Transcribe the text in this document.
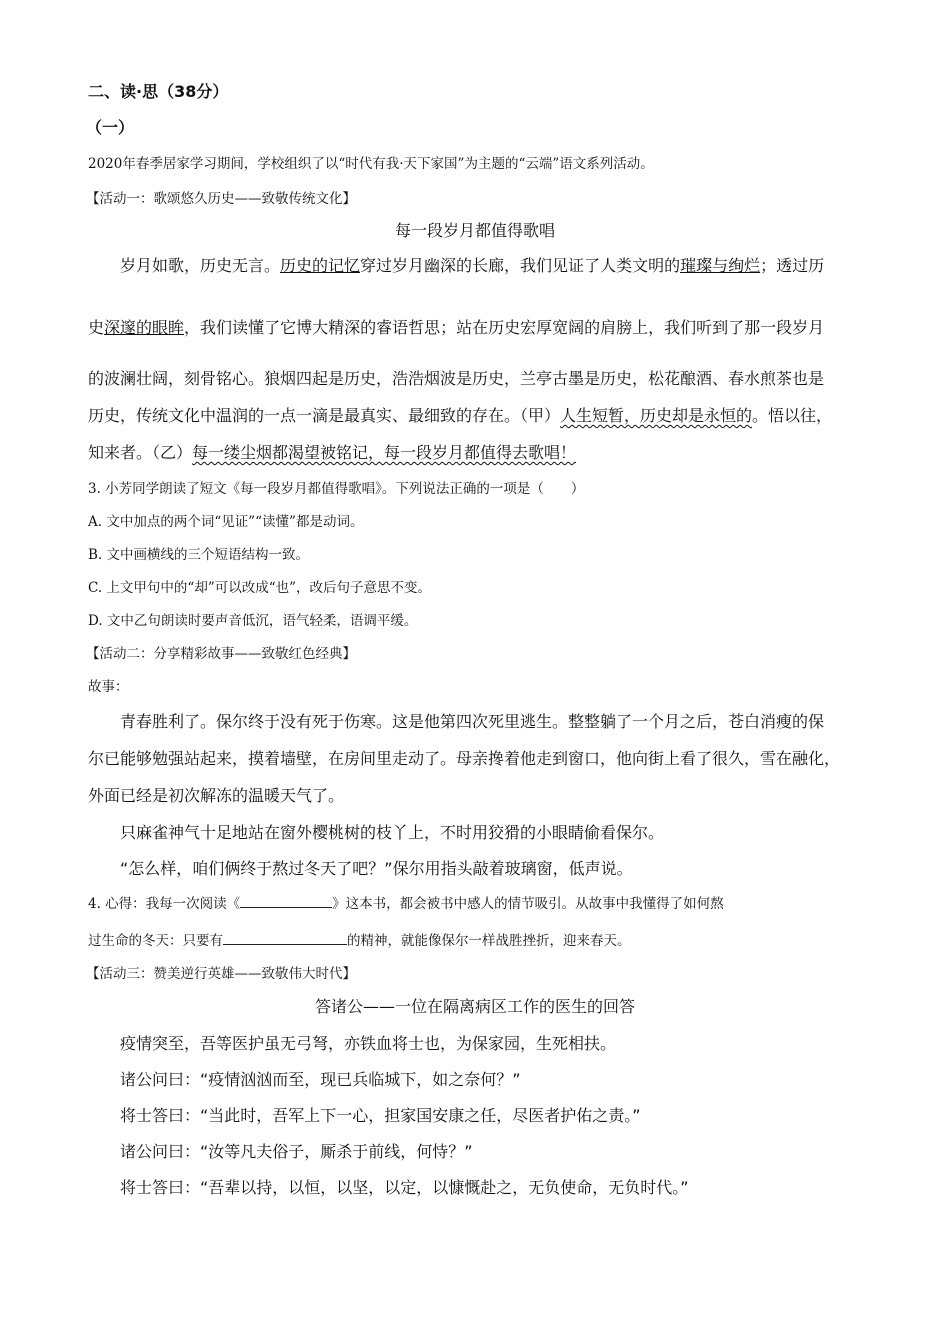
二、读·思（38分）
（一）
2020年春季居家学习期间，学校组织了以“时代有我·天下家国”为主题的“云端”语文系列活动。
【活动一：歌颂悠久历史——致敬传统文化】
每一段岁月都值得歌唱
岁月如歌，历史无言。历史的记忆穿过岁月幽深的长廊，我们见证了人类文明的璀璨与绚烂；透过历
史深邃的眼眸，我们读懂了它博大精深的睿语哲思；站在历史宏厚宽阔的肩膀上，我们听到了那一段岁月
的波澜壮阔，刻骨铭心。狼烟四起是历史，浩浩烟波是历史，兰亭古墨是历史，松花酿酒、春水煎茶也是
历史，传统文化中温润的一点一滴是最真实、最细致的存在。（甲）人生短暂，历史却是永恒的。悟以往，
知来者。（乙）每一缕尘烟都渴望被铭记，每一段岁月都值得去歌唱！
3. 小芳同学朗读了短文《每一段岁月都值得歌唱》。下列说法正确的一项是（　　）
A. 文中加点的两个词“见证”“读懂”都是动词。
B. 文中画横线的三个短语结构一致。
C. 上文甲句中的“却”可以改成“也”，改后句子意思不变。
D. 文中乙句朗读时要声音低沉，语气轻柔，语调平缓。
【活动二：分享精彩故事——致敬红色经典】
故事：
青春胜利了。保尔终于没有死于伤寒。这是他第四次死里逃生。整整躺了一个月之后，苍白消瘦的保
尔已能够勉强站起来，摸着墙壁，在房间里走动了。母亲搀着他走到窗口，他向街上看了很久，雪在融化，
外面已经是初次解冻的温暖天气了。
只麻雀神气十足地站在窗外樱桃树的枝丫上，不时用狡猾的小眼睛偷看保尔。
“怎么样，咱们俩终于熬过冬天了吧？”保尔用指头敲着玻璃窗，低声说。
4. 心得：我每一次阅读《	》这本书，都会被书中感人的情节吸引。从故事中我懂得了如何熬
过生命的冬天：只要有	的精神，就能像保尔一样战胜挫折，迎来春天。
【活动三：赞美逆行英雄——致敬伟大时代】
答诸公——一位在隔离病区工作的医生的回答
疫情突至，吾等医护虽无弓弩，亦铁血将士也，为保家园，生死相扶。
诸公问曰：“疫情汹汹而至，现已兵临城下，如之奈何？”
将士答曰：“当此时，吾军上下一心，担家国安康之任，尽医者护佑之责。”
诸公问曰：“汝等凡夫俗子，厮杀于前线，何恃？”
将士答曰：“吾辈以持，以恒，以坚，以定，以慷慨赴之，无负使命，无负时代。”
